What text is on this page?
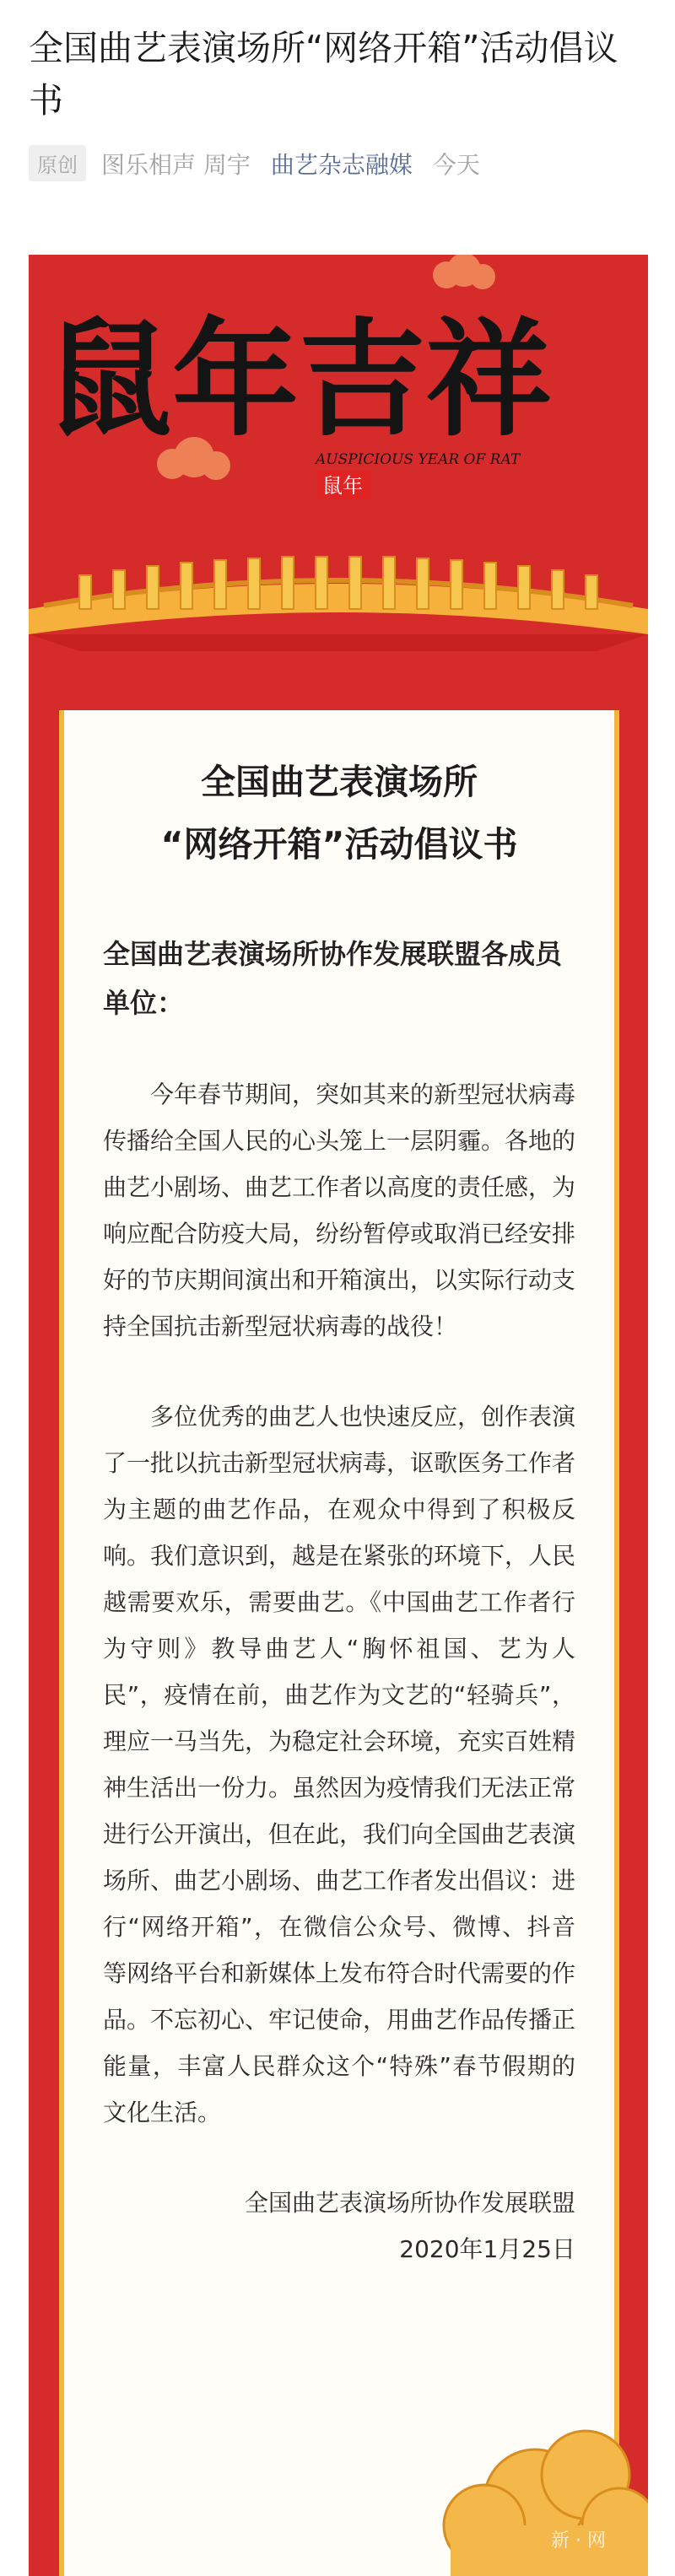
全国曲艺表演场所“网络开箱”活动倡议书
原创	图乐相声 周宇 曲艺杂志融媒 今天
鼠年吉祥
AUSPICIOUS YEAR OF RAT
鼠年
全国曲艺表演场所
“网络开箱”活动倡议书
全国曲艺表演场所协作发展联盟各成员单位：

今年春节期间，突如其来的新型冠状病毒传播给全国人民的心头笼上一层阴霾。各地的曲艺小剧场、曲艺工作者以高度的责任感，为响应配合防疫大局，纷纷暂停或取消已经安排好的节庆期间演出和开箱演出，以实际行动支持全国抗击新型冠状病毒的战役！

多位优秀的曲艺人也快速反应，创作表演了一批以抗击新型冠状病毒，讴歌医务工作者为主题的曲艺作品，在观众中得到了积极反响。我们意识到，越是在紧张的环境下，人民越需要欢乐，需要曲艺。《中国曲艺工作者行为守则》教导曲艺人“胸怀祖国、艺为人民”，疫情在前，曲艺作为文艺的“轻骑兵”，理应一马当先，为稳定社会环境，充实百姓精神生活出一份力。虽然因为疫情我们无法正常进行公开演出，但在此，我们向全国曲艺表演场所、曲艺小剧场、曲艺工作者发出倡议：进行“网络开箱”，在微信公众号、微博、抖音等网络平台和新媒体上发布符合时代需要的作品。不忘初心、牢记使命，用曲艺作品传播正能量，丰富人民群众这个“特殊”春节假期的文化生活。

全国曲艺表演场所协作发展联盟
2020年1月25日
新 · 网
